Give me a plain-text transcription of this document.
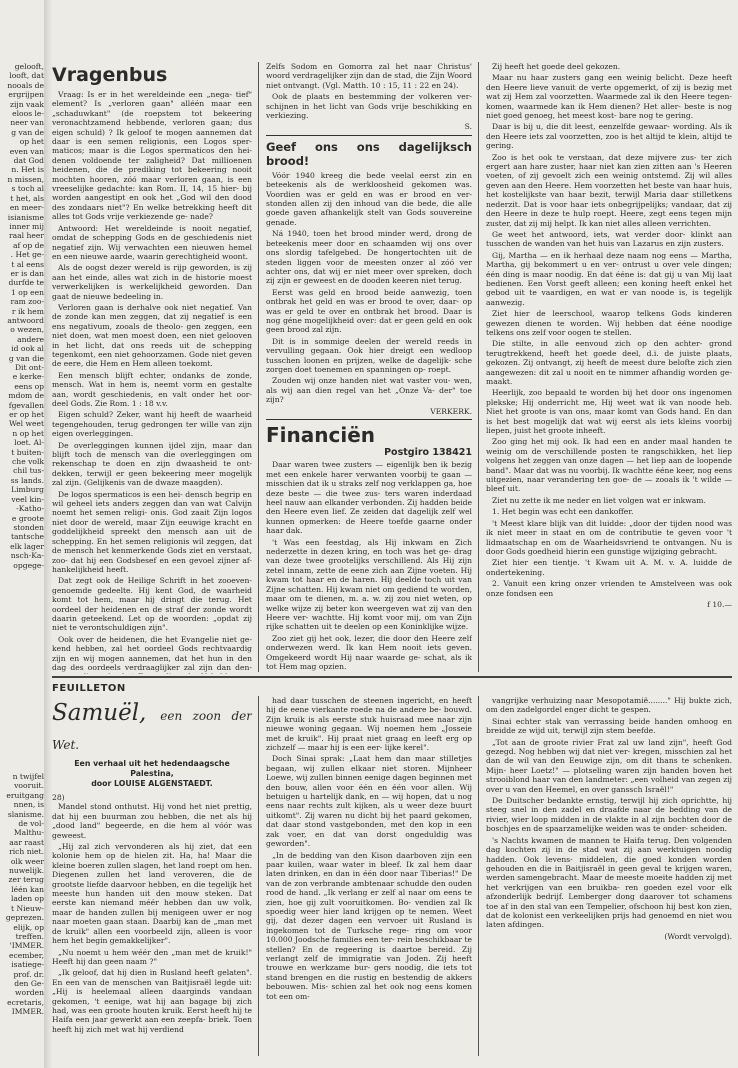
gelooft,
looft, dat
nooals de
ergrijpen
zijn vaak
eloos le-
neer van
g van de
op het
even van
dat God
n. Het is
n missen,
s toch al
t het, als
en meer-
isianisme
inner mij
raal heer
af op de
. Het ge-
t al eens
er is dan
durfde te
1 op een
ram zoo-
r ik hem
antwoord
o wezen,
andere
id ook al
g van die
Dit ont-
e kerke-
eens op
mdom de
fgevallen
er op het
Wel weet
n op het
loet. Al-
t buiten-
che volk
chil tus-
ss lands.
Limburg
veel kin-
-Katho-
e groote
stonden
tantsche
elk lager
nsch-Ka-
opgege-
n twijfel
vooruit.
eruitgang
nnen, is
slanisme.
de vol-
Malthu-
aar raast
rich niet.
olk weer
nuwelijk.
zer terug
léén kan
laden op
t Nieuw-
geprezen.
elijk, op
treffen.
'IMMER.
ecember,
isatiege-
prof. dr.
den Ge-
worden
ecretaris,
IMMER.
Vragenbus

Vraag: Is er in het wereldeinde een „nega- tief" element? Is „verloren gaan" alléén maar een „schaduwkant" (de roepstem tot bekeering veronachtzamend hebbende, verloren gaan; dus eigen schuld) ? Ik geloof te mogen aannemen dat daar is een semen religionis, een Logos sper- maticos; maar is die Logos spermaticos den hei- denen voldoende ter zaligheid? Dat millioenen heidenen, die de prediking tot bekeering nooit mochten hooren, zóó maar verloren gaan, is een vreeselijke gedachte: kan Rom. II, 14, 15 hier- bij worden aangestipt en ook het „God wil den dood des zondaars niet"? En welke betrekking heeft dit alles tot Gods vrije verkiezende ge- nade?

Antwoord: Het wereldeinde is nooit negatief, omdat de schepping Gods en de geschiedenis niet negatief zijn. Wij verwachten een nieuwen hemel en een nieuwe aarde, waarin gerechtigheid woont.

Als de oogst dezer wereld is rijp geworden, is zij aan het einde, alles wat zich in de historie moest verwerkelijken is werkelijkheid geworden. Dan gaat de nieuwe bedeeling in.

Verloren gaan is derhalve ook niet negatief. Van de zonde kan men zeggen, dat zij negatief is een ens negativum, zooals de theolo- gen zeggen, een niet doen, wat men moest doen, een niet gelooven in het licht, dat ons reeds uit de schepping tegenkomt, een niet gehoorzamen. Gode niet geven de eere, die Hem en Hem alleen toekomt.

Een mensch blijft echter, ondanks de zonde, mensch. Wat in hem is, neemt vorm en gestalte aan, wordt geschiedenis, en valt onder het oor- deel Gods. Zie Rom. 1 : 18 v.v.

Eigen schuld? Zeker, want hij heeft de waarheid tegengehouden, terug gedrongen ter wille van zijn eigen overleggingen.

De overleggingen kunnen ijdel zijn, maar dan blijft toch de mensch van die overleggingen om rekenschap te doen en zijn dwaasheid te ont- dekken, terwijl er geen bekeering meer mogelijk zal zijn. (Gelijkenis van de dwaze maagden).

De logos spermaticos is een hei- densch begrip en wil geheel iets anders zeggen dan van wat Calvijn noemt het semen religi- onis. God zaait Zijn logos niet door de wereld, maar Zijn eeuwige kracht en goddelijkheid spreekt den mensch aan uit de schepping. En het semen religionis wil zeggen, dat de mensch het kenmerkende Gods ziet en verstaat, zoo- dat hij een Godsbesef en een gevoel zijner af- hankelijkheid heeft.

Dat zegt ook de Heilige Schrift in het zooeven- genoemde gedeelte. Hij kent God, de waarheid komt tot hem, maar hij dringt die terug. Het oordeel der heidenen en de straf der zonde wordt daarin geteekend. Let op de woorden: „opdat zij niet te verontschuldigen zijn".

Ook over de heidenen, die het Evangelie niet ge- kend hebben, zal het oordeel Gods rechtvaardig zijn en wij mogen aannemen, dat het hun in den dag des oordeels verdraaglijker zal zijn dan den-

Zelfs Sodom en Gomorra zal het naar Christus' woord verdragelijker zijn dan de stad, die Zijn Woord niet ontvangt. (Vgl. Matth. 10 : 15, 11 : 22 en 24).

Ook de plaats en bestemming der volkeren ver- schijnen in het licht van Gods vrije beschikking en verkiezing.

S.
Geef ons ons dagelijksch brood!

Vóór 1940 kreeg die bede veelal eerst zin en beteekenis als de werkloosheid gekomen was. Voordien was er geld en was er brood en ver- stonden allen zij den inhoud van die bede, die alle goede gaven afhankelijk stelt van Gods souvereine genade.

Ná 1940, toen het brood minder werd, drong de beteekenis meer door en schaamden wij ons over ons slordig tafelgebed. De hongertochten uit de steden liggen voor de meesten onzer al zóó ver achter ons, dat wij er niet meer over spreken, doch zij zijn er geweest en de dooden keeren niet terug.

Eerst was geld en brood beide aanwezig, toen ontbrak het geld en was er brood te over, daar- op was er geld te over en ontbrak het brood. Daar is nog géne mogelijkheid over: dat er geen geld en ook geen brood zal zijn.

Dit is in sommige deelen der wereld reeds in vervulling gegaan. Ook hier dreigt een wedloop tusschen loonen en prijzen, welke de dagelijk- sche zorgen doet toenemen en spanningen op- roept.

Zouden wij onze handen niet wat vaster vou- wen, als wij aan dien regel van het „Onze Va- der" toe zijn?

VERKERK.
Financiën
Postgiro 138421

Daar waren twee zusters — eigenlijk ben ik bezig met een enkele harer verwanten voorbij te gaan — misschien dat ik u straks zelf nog verklappen ga, hoe deze beste — die twee zus- ters waren inderdaad heel nauw aan elkander verbonden. Zij hadden beide den Heere even lief. Ze zeiden dat dagelijk zelf wel kunnen opmerken: de Heere toefde gaarne onder haar dak.

't Was een feestdag, als Hij inkwam en Zich nederzette in dezen kring, en toch was het ge- drag van deze twee grootelijks verschillend. Als Hij zijn zetel innam, zette de eene zich aan Zijne voeten. Hij kwam tot haar en de haren. Hij deelde toch uit van Zijne schatten. Hij kwam niet om gediend te worden, maar om te dienen, m. a. w. zij zou niet weten, op welke wijze zij beter kon weergeven wat zij van den Heere ver- wachtte. Hij komt voor mij, om van Zijn rijke schatten uit te deelen op een Koninklijke wijze.

Zoo ziet gij het ook, lezer, die door den Heere zelf onderwezen werd. Ik kan Hem nooit iets geven. Omgekeerd wordt Hij naar waarde ge- schat, als ik tot Hem mag opzien.

Zij heeft het goede deel gekozen.

Maar nu haar zusters gang een weinig belicht. Deze heeft den Heere lieve vanuit de verte opgemerkt, of zij is bezig met wat zij Hem zal voorzetten. Waarmede zal ik den Heere tegen- komen, waarmede kan ik Hem dienen? Het aller- beste is nog niet goed genoeg, het meest kost- bare nog te gering.

Daar is bij u, die dit leest, eenzelfde gewaar- wording. Als ik den Heere iets zal voorzetten, zoo is het altijd te klein, altijd te gering.

Zoo is het ook te verstaan, dat deze mijvere zus- ter zich ergert aan hare zuster, haar niet kan zien zitten aan 's Heeren voeten, of zij gevoelt zich een weinig ontstemd. Zij wil alles geven aan den Heere. Hem voorzetten het beste van haar huis, het kostelijkste van haar bezit, terwijl Maria daar stilletkens nederzit. Dat is voor haar iets onbegrijpelijks; vandaar, dat zij den Heere in deze te hulp roept. Heere, zegt eens tegen mijn zuster, dat zij mij helpt. Ik kan niet alles alleen verrichten.

Ge weet het antwoord, iets, wat verder door- klinkt aan tusschen de wanden van het huis van Lazarus en zijn zusters.

Gij, Martha — en ik herhaal deze naam nog eens — Martha, Martha, gij bekommert u en ver- ontrust u over vele dingen; één ding is maar noodig. En dat ééne is: dat gij u van Mij laat bedienen. Een Vorst geeft alleen; een koning heeft enkel het gebod uit te vaardigen, en wat er van noode is, is tegelijk aanwezig.

Ziet hier de leerschool, waarop telkens Gods kinderen gewezen dienen te worden. Wij hebben dat ééne noodige telkens ons zelf voor oogen te stellen.

Die stilte, in alle eenvoud zich op den achter- grond terugtrekkend, heeft het goede deel, d.i. de juiste plaats, gekozen. Zij ontvangt, zij heeft de meest dure belofte zich zien aangewezen: dit zal u nooit en te nimmer afhandig worden ge- maakt.

Heerlijk, zoo bepaald te worden bij het door ons ingenomen plekske; Hij onderricht me, Hij weet wat ik van noode heb. Niet het groote is van ons, maar komt van Gods hand. En dan is het best mogelijk dat wat wij eerst als iets kleins voorbij liepen, juist het groote inheeft.

Zoo ging het mij ook. Ik had een en ander maal handen te weinig om de verschillende posten te rangschikken, het liep volgens het zeggen van onze dagen — het liep aan de loopende band". Maar dat was nu voorbij. Ik wachtte ééne keer, nog eens uitgezien, naar verandering ten goe- de — zooals ik 't wilde — bleef uit.

Ziet nu zette ik me neder en liet volgen wat er inkwam.

1. Het begin was echt een dankoffer.

't Meest klare blijk van dit luidde: „door der tijden nood was ik niet meer in staat en om de contributie te geven voor 't lidmaatschap en om de Waarheidsvriend te ontvangen. Nu is door Gods goedheid hierin een gunstige wijziging gebracht.

Ziet hier een tientje. 't Kwam uit A. M. v. A. luidde de ondertekening.

2. Vanuit een kring onzer vrienden te Amstelveen was ook onze fondsen een

f 10.—
FEUILLETON
Samuël, een zoon der Wet.
Een verhaal uit het hedendaagsche Palestina,
door LOUISE ALGENSTAEDT.
28)

Mandel stond onthutst. Hij vond het niet prettig, dat hij een buurman zou hebben, die net als hij „dood land" begeerde, en die hem al vóór was geweest.

„Hij zal zich vervonderen als hij ziet, dat een kolonie hem op de hielen zit. Ha, ha! Maar die kleine boeren zullen slagen, het land roept om hen. Diegenen zullen het land veroveren, die de grootste liefde daarvoor hebben, en die tegelijk het meeste hun handen uit den mouw steken. Dat eerste kan niemand méér hebben dan uw volk, maar de handen zullen bij menigeen uwer er nog naar moeten gaan staan. Daarbij kan de „man met de kruik" allen een voorbeeld zijn, alleen is voor hem het begin gemakkelijker".

„Nu noemt u hem wéér den „man met de kruik!" Heeft hij dan geen naam ?"

„Ik geloof, dat hij dien in Rusland heeft gelaten". En een van de menschen van Baitjisraël legde uit: „Hij is heelemaal alleen daarginds vandaan gekomen, 't eenige, wat hij aan bagage bij zich had, was een groote houten kruik. Eerst heeft hij te Haifa een jaar gewerkt aan een zeepfa- briek. Toen heeft hij zich met wat hij verdiend

had daar tusschen de steenen ingericht, en heeft hij de eene vierkante roede na de andere be- bouwd. Zijn kruik is als eerste stuk huisraad mee naar zijn nieuwe woning gegaan. Wij noemen hem „Josseie met de kruik". Hij praat niet graag en leeft erg op zichzelf — maar hij is een eer- lijke kerel".

Doch Sinai sprak: „Laat hem dan maar stilletjes begaan, wij zullen elkaar niet storen. Mijnheer Loewe, wij zullen binnen eenige dagen beginnen met den bouw, allen voor één en één voor allen. Wij betuigen u hartelijk dank, en — wij hopen, dat u nog eens naar rechts zult kijken, als u weer deze buurt uitkomt". Zij waren nu dicht bij het paard gekomen, dat daar stond vastgebonden, met den kop in een zak voer, en dat van dorst ongeduldig was geworden".

„In de bedding van den Kison daarboven zijn een paar kuilen, waar water in bleef. Ik zal hem daar laten drinken, en dan in één door naar Tiberias!" De van de zon verbrande ambtenaar schudde den ouden rood de hand. „Ik verlang er zelf al naar om eens te zien, hoe gij zult vooruitkomen. Bo- vendien zal Ik spoedig weer hier land krijgen op te nemen. Weet gij, dat dezer dagen een vervoer uit Rusland is ingekomen tot de Turksche rege- ring om voor 10.000 Joodsche families een ter- rein beschikbaar te stellen? En de regeering is daartoe bereid. Zij verlangt zelf de immigratie van Joden. Zij heeft trouwe en werkzame bur- gers noodig, die iets tot stand brengen en die rustig en bestendig de akkers bebouwen. Mis- schien zal het ook nog eens komen tot een om-

vangrijke verhuizing naar Mesopotamië........" Hij bukte zich, om den zadelgordel enger dicht te gespen.

Sinai echter stak van verrassing beide handen omhoog en breidde ze wijd uit, terwijl zijn stem beefde.

„Tot aan de groote rivier Frat zal uw land zijn", heeft God gezegd. Nog hebben wij dat niet ver- kregen, misschien zal het dan de wil van den Eeuwige zijn, om dit thans te schenken. Mijn- heer Loetz!" — plotseling waren zijn handen boven het strooiblond haar van den landmeter: „een volheid van zegen zij over u van den Heemel, en over ganssch Israël!"

De Duitscher bedankte ernstig, terwijl hij zich oprichtte, hij steeg snel in den zadel en draafde naar de bedding van de rivier, wier loop midden in de vlakte in al zijn bochten door de boschjes en de spaarzamelijke weiden was te onder- scheiden.

's Nachts kwamen de mannen te Haifa terug. Den volgenden dag kochten zij in de stad wat zij aan werktuigen noodig hadden. Ook levens- middelen, die goed konden worden gehouden en die in Baitjisraël in geen geval te krijgen waren, werden samengebracht. Maar de meeste moeite hadden zij met het verkrijgen van een bruikba- ren goeden ezel voor elk afzonderlijk bedrijf. Lemberger dong daarover tot schamens toe af in den stal van een Tempelier, ofschoon hij best kon zien, dat de kolonist een verkeelijken prijs had genoemd en niet wou laten afdingen.

(Wordt vervolgd).
